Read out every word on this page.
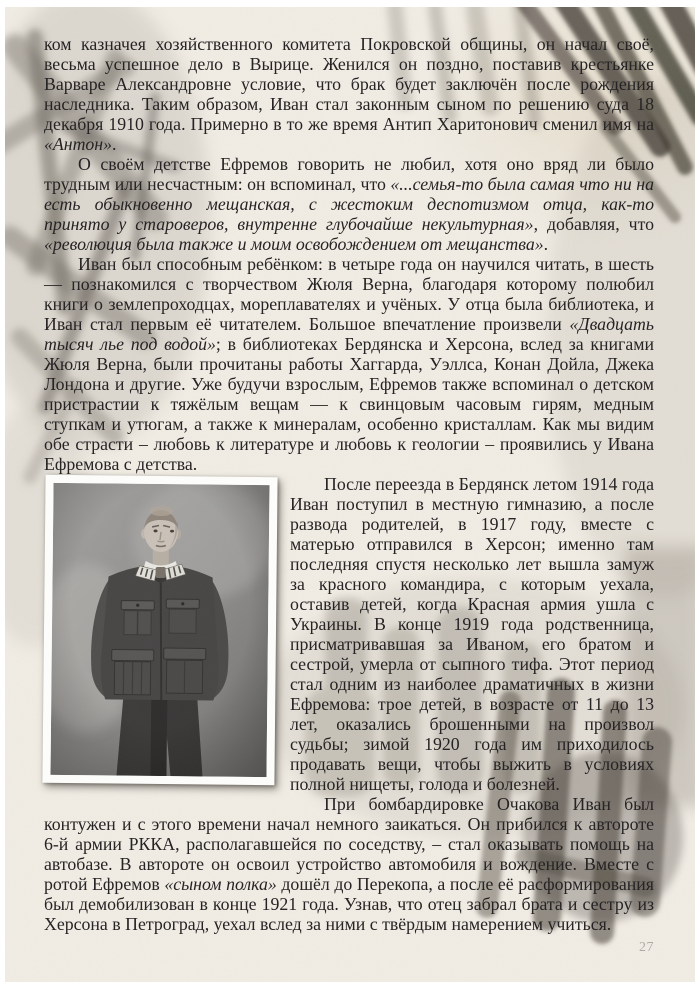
ком казначея хозяйственного комитета Покровской общины, он начал своё, весьма успешное дело в Вырице. Женился он поздно, поставив крестьянке Варваре Александровне условие, что брак будет заключён после рождения наследника. Таким образом, Иван стал законным сыном по решению суда 18 декабря 1910 года. Примерно в то же время Антип Харитонович сменил имя на «Антон».

О своём детстве Ефремов говорить не любил, хотя оно вряд ли было трудным или несчастным: он вспоминал, что «...семья-то была самая что ни на есть обыкновенно мещанская, с жестоким деспотизмом отца, как-то принято у староверов, внутренне глубочайше некультурная», добавляя, что «революция была также и моим освобождением от мещанства».

Иван был способным ребёнком: в четыре года он научился читать, в шесть — познакомился с творчеством Жюля Верна, благодаря которому полюбил книги о землепроходцах, мореплавателях и учёных. У отца была библиотека, и Иван стал первым её читателем. Большое впечатление произвели «Двадцать тысяч лье под водой»; в библиотеках Бердянска и Херсона, вслед за книгами Жюля Верна, были прочитаны работы Хаггарда, Уэллса, Конан Дойла, Джека Лондона и другие. Уже будучи взрослым, Ефремов также вспоминал о детском пристрастии к тяжёлым вещам — к свинцовым часовым гирям, медным ступкам и утюгам, а также к минералам, особенно кристаллам. Как мы видим обе страсти – любовь к литературе и любовь к геологии – проявились у Ивана Ефремова с детства.

После переезда в Бердянск летом 1914 года Иван поступил в местную гимназию, а после развода родителей, в 1917 году, вместе с матерью отправился в Херсон; именно там последняя спустя несколько лет вышла замуж за красного командира, с которым уехала, оставив детей, когда Красная армия ушла с Украины. В конце 1919 года родственница, присматривавшая за Иваном, его братом и сестрой, умерла от сыпного тифа. Этот период стал одним из наиболее драматичных в жизни Ефремова: трое детей, в возрасте от 11 до 13 лет, оказались брошенными на произвол судьбы; зимой 1920 года им приходилось продавать вещи, чтобы выжить в условиях полной нищеты, голода и болезней.

При бомбардировке Очакова Иван был контужен и с этого времени начал немного заикаться. Он прибился к автороте 6-й армии РККА, располагавшейся по соседству, – стал оказывать помощь на автобазе. В автороте он освоил устройство автомобиля и вождение. Вместе с ротой Ефремов «сыном полка» дошёл до Перекопа, а после её расформирования был демобилизован в конце 1921 года. Узнав, что отец забрал брата и сестру из Херсона в Петроград, уехал вслед за ними с твёрдым намерением учиться.

27
